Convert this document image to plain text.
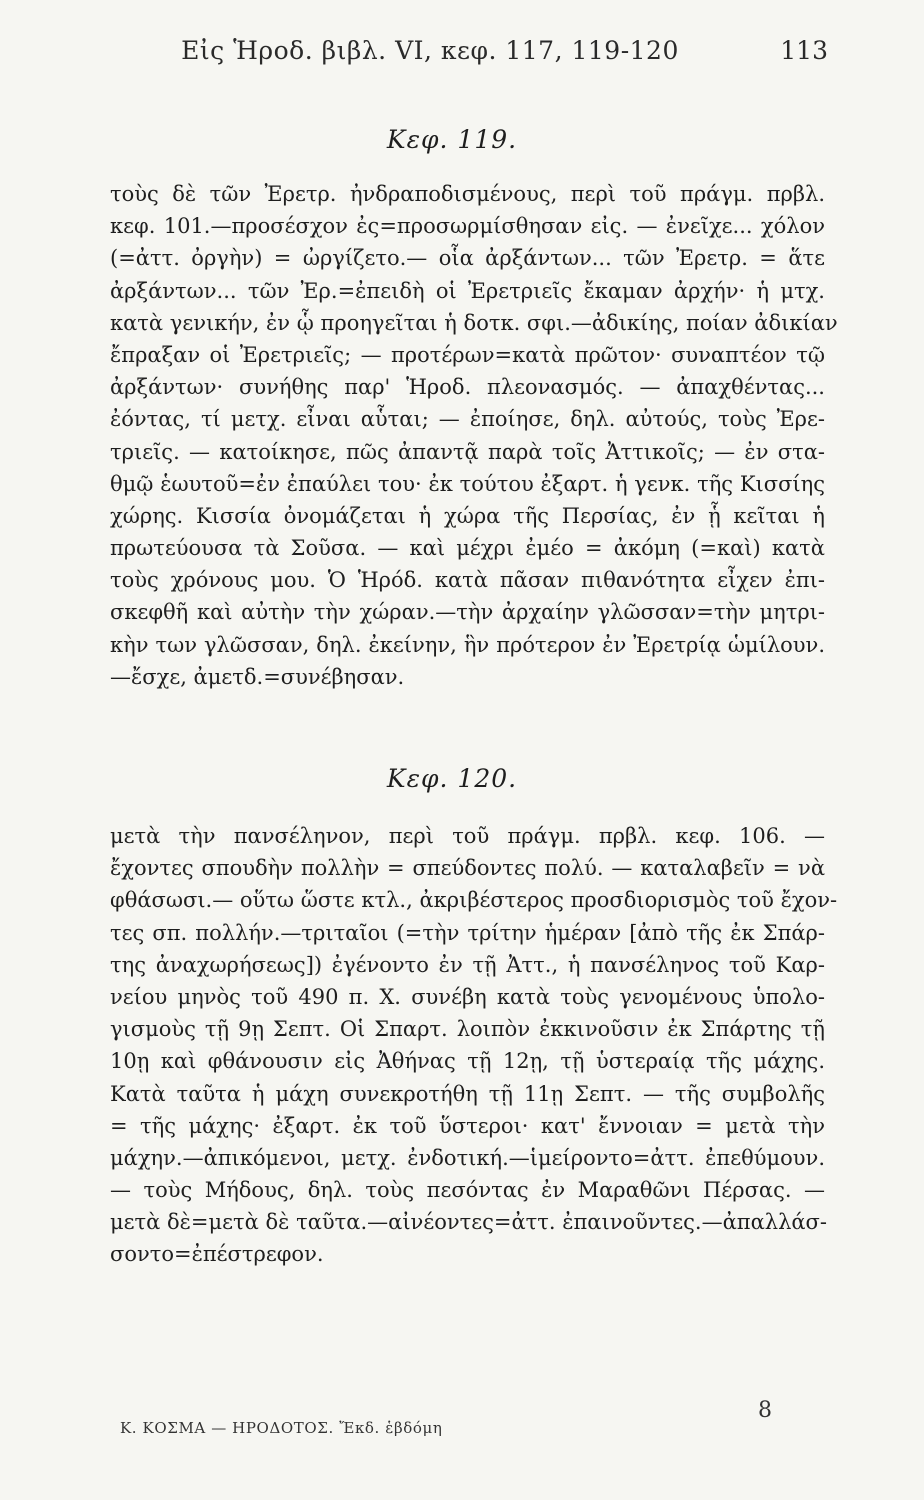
Εἰς Ἡροδ. βιβλ. VI, κεφ. 117, 119-120	113
Κεφ. 119.
τοὺς δὲ τῶν Ἐρετρ. ἠνδραποδισμένους, περὶ τοῦ πράγμ. πρβλ.
κεφ. 101.—προσέσχον ἐς=προσωρμίσθησαν εἰς. — ἐνεῖχε... χόλον
(=ἀττ. ὀργὴν) = ὠργίζετο.— οἷα ἀρξάντων... τῶν Ἐρετρ. = ἅτε
ἀρξάντων... τῶν Ἐρ.=ἐπειδὴ οἱ Ἐρετριεῖς ἔκαμαν ἀρχήν· ἡ μτχ.
κατὰ γενικήν, ἐν ᾧ προηγεῖται ἡ δοτκ. σφι.—ἀδικίης, ποίαν ἀδικίαν
ἔπραξαν οἱ Ἐρετριεῖς; — προτέρων=κατὰ πρῶτον· συναπτέον τῷ
ἀρξάντων· συνήθης παρ' Ἡροδ. πλεονασμός. — ἀπαχθέντας...
ἐόντας, τί μετχ. εἶναι αὗται; — ἐποίησε, δηλ. αὐτούς, τοὺς Ἐρε-
τριεῖς. — κατοίκησε, πῶς ἀπαντᾷ παρὰ τοῖς Ἀττικοῖς; — ἐν στα-
θμῷ ἑωυτοῦ=ἐν ἐπαύλει του· ἐκ τούτου ἐξαρτ. ἡ γενκ. τῆς Κισσίης
χώρης. Κισσία ὀνομάζεται ἡ χώρα τῆς Περσίας, ἐν ᾗ κεῖται ἡ
πρωτεύουσα τὰ Σοῦσα. — καὶ μέχρι ἐμέο = ἀκόμη (=καὶ) κατὰ
τοὺς χρόνους μου. Ὁ Ἡρόδ. κατὰ πᾶσαν πιθανότητα εἶχεν ἐπι-
σκεφθῆ καὶ αὐτὴν τὴν χώραν.—τὴν ἀρχαίην γλῶσσαν=τὴν μητρι-
κὴν των γλῶσσαν, δηλ. ἐκείνην, ἣν πρότερον ἐν Ἐρετρίᾳ ὡμίλουν.
—ἔσχε, ἀμετδ.=συνέβησαν.
Κεφ. 120.
μετὰ τὴν πανσέληνον, περὶ τοῦ πράγμ. πρβλ. κεφ. 106. —
ἔχοντες σπουδὴν πολλὴν = σπεύδοντες πολύ. — καταλαβεῖν = νὰ
φθάσωσι.— οὕτω ὥστε κτλ., ἀκριβέστερος προσδιορισμὸς τοῦ ἔχον-
τες σπ. πολλήν.—τριταῖοι (=τὴν τρίτην ἡμέραν [ἀπὸ τῆς ἐκ Σπάρ-
της ἀναχωρήσεως]) ἐγένοντο ἐν τῇ Ἀττ., ἡ πανσέληνος τοῦ Καρ-
νείου μηνὸς τοῦ 490 π. Χ. συνέβη κατὰ τοὺς γενομένους ὑπολο-
γισμοὺς τῇ 9ῃ Σεπτ. Οἱ Σπαρτ. λοιπὸν ἐκκινοῦσιν ἐκ Σπάρτης τῇ
10ῃ καὶ φθάνουσιν εἰς Ἀθήνας τῇ 12ῃ, τῇ ὑστεραίᾳ τῆς μάχης.
Κατὰ ταῦτα ἡ μάχη συνεκροτήθη τῇ 11ῃ Σεπτ. — τῆς συμβολῆς
= τῆς μάχης· ἐξαρτ. ἐκ τοῦ ὕστεροι· κατ' ἔννοιαν = μετὰ τὴν
μάχην.—ἀπικόμενοι, μετχ. ἐνδοτική.—ἱμείροντο=ἀττ. ἐπεθύμουν.
— τοὺς Μήδους, δηλ. τοὺς πεσόντας ἐν Μαραθῶνι Πέρσας. —
μετὰ δὲ=μετὰ δὲ ταῦτα.—αἰνέοντες=ἀττ. ἐπαινοῦντες.—ἀπαλλάσ-
σοντο=ἐπέστρεφον.
Κ. ΚΟΣΜΑ — ΗΡΟΔΟΤΟΣ. Ἔκδ. ἑβδόμη
8
